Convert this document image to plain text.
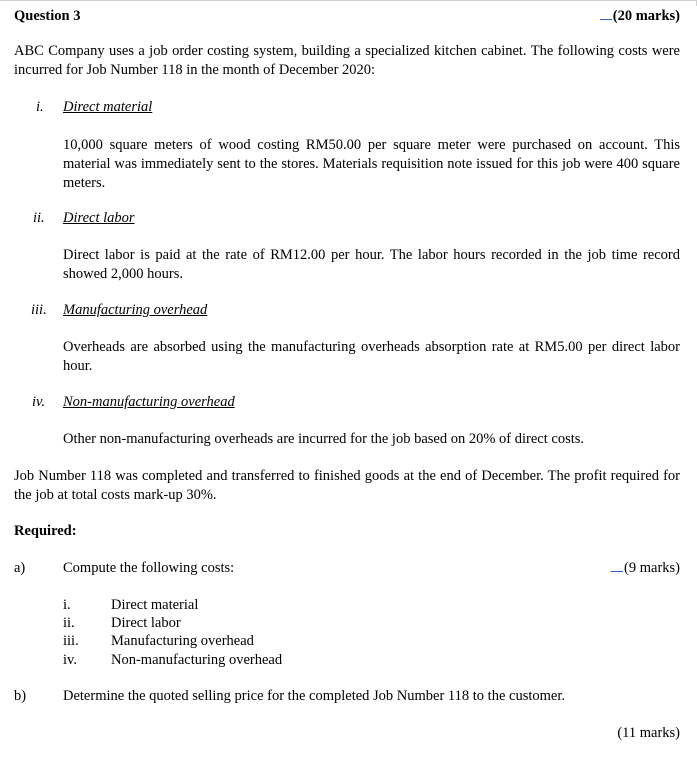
Question 3	(20 marks)
ABC Company uses a job order costing system, building a specialized kitchen cabinet. The following costs were incurred for Job Number 118 in the month of December 2020:
i. Direct material
10,000 square meters of wood costing RM50.00 per square meter were purchased on account. This material was immediately sent to the stores. Materials requisition note issued for this job were 400 square meters.
ii. Direct labor
Direct labor is paid at the rate of RM12.00 per hour. The labor hours recorded in the job time record showed 2,000 hours.
iii. Manufacturing overhead
Overheads are absorbed using the manufacturing overheads absorption rate at RM5.00 per direct labor hour.
iv. Non-manufacturing overhead
Other non-manufacturing overheads are incurred for the job based on 20% of direct costs.
Job Number 118 was completed and transferred to finished goods at the end of December. The profit required for the job at total costs mark-up 30%.
Required:
a)	Compute the following costs:	(9 marks)
i.	Direct material
ii.	Direct labor
iii. Manufacturing overhead
iv. Non-manufacturing overhead
b)	Determine the quoted selling price for the completed Job Number 118 to the customer.
(11 marks)
